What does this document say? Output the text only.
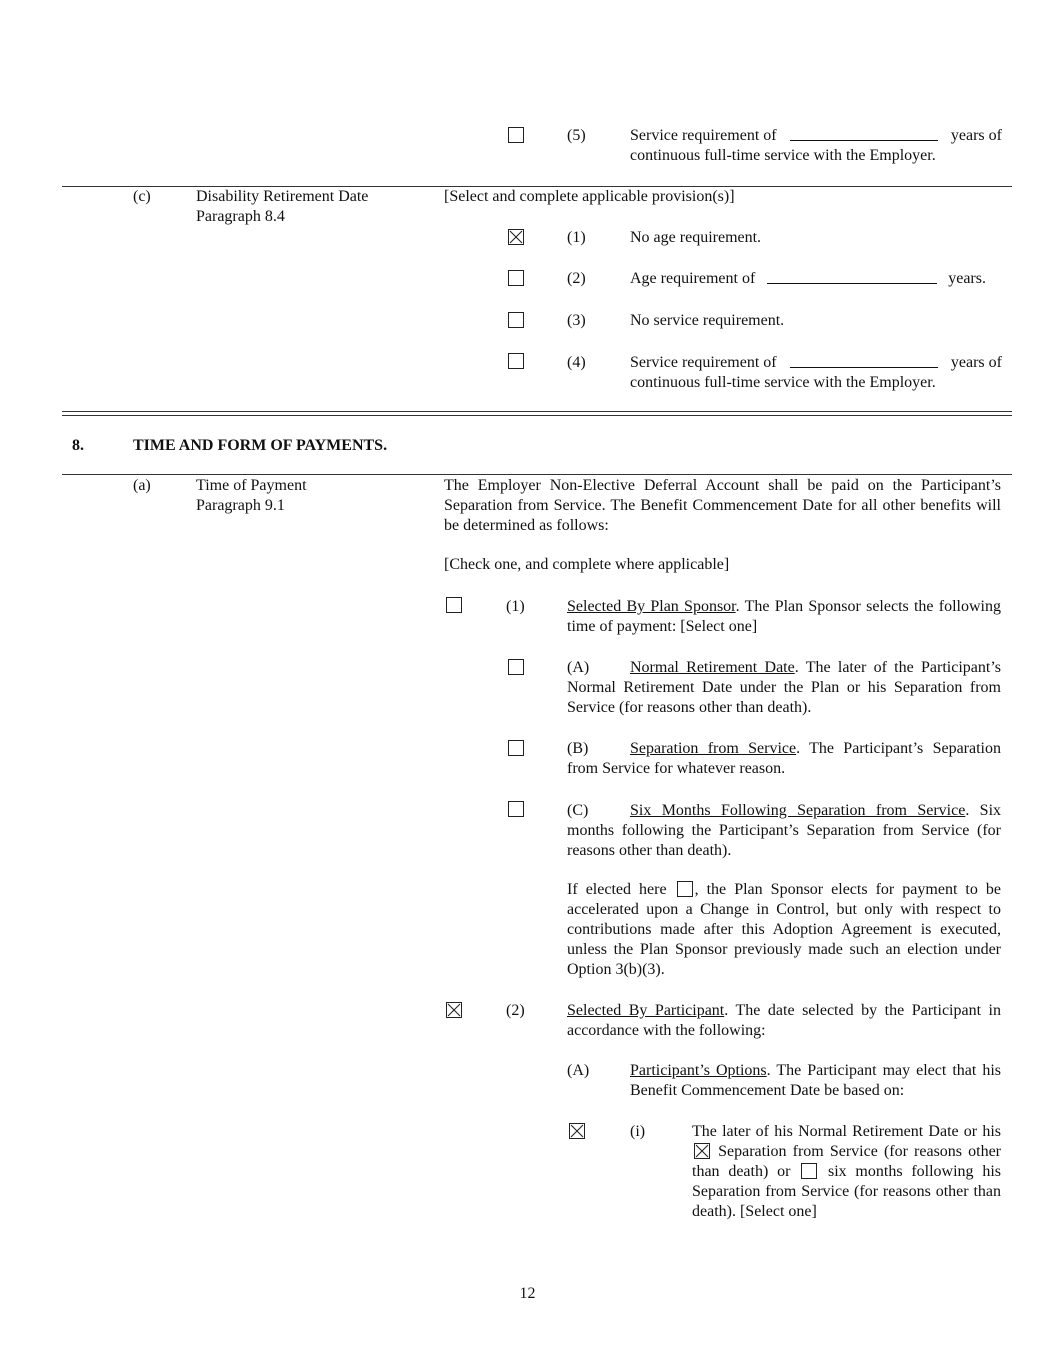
(5)	Service requirement of	years of
continuous full-time service with the Employer.
(c)	Disability Retirement Date
Paragraph 8.4
[Select and complete applicable provision(s)]
(1)	No age requirement.
(2)	Age requirement of	years.
(3)	No service requirement.
(4)	Service requirement of	years of
continuous full-time service with the Employer.
8.	TIME AND FORM OF PAYMENTS.
(a)	Time of Payment
Paragraph 9.1
The Employer Non-Elective Deferral Account shall be paid on the Participant’s Separation from Service. The Benefit Commencement Date for all other benefits will be determined as follows:
[Check one, and complete where applicable]
(1)	Selected By Plan Sponsor. The Plan Sponsor selects the following time of payment: [Select one]
(A)	Normal Retirement Date. The later of the Participant’s Normal Retirement Date under the Plan or his Separation from Service (for reasons other than death).
(B)	Separation from Service. The Participant’s Separation from Service for whatever reason.
(C)	Six Months Following Separation from Service. Six months following the Participant’s Separation from Service (for reasons other than death).
If elected here , the Plan Sponsor elects for payment to be accelerated upon a Change in Control, but only with respect to contributions made after this Adoption Agreement is executed, unless the Plan Sponsor previously made such an election under Option 3(b)(3).
(2)	Selected By Participant. The date selected by the Participant in accordance with the following:
(A)	Participant’s Options. The Participant may elect that his Benefit Commencement Date be based on:
(i)	The later of his Normal Retirement Date or his
Separation from Service (for reasons other than death) or six months following his Separation from Service (for reasons other than death). [Select one]
12
